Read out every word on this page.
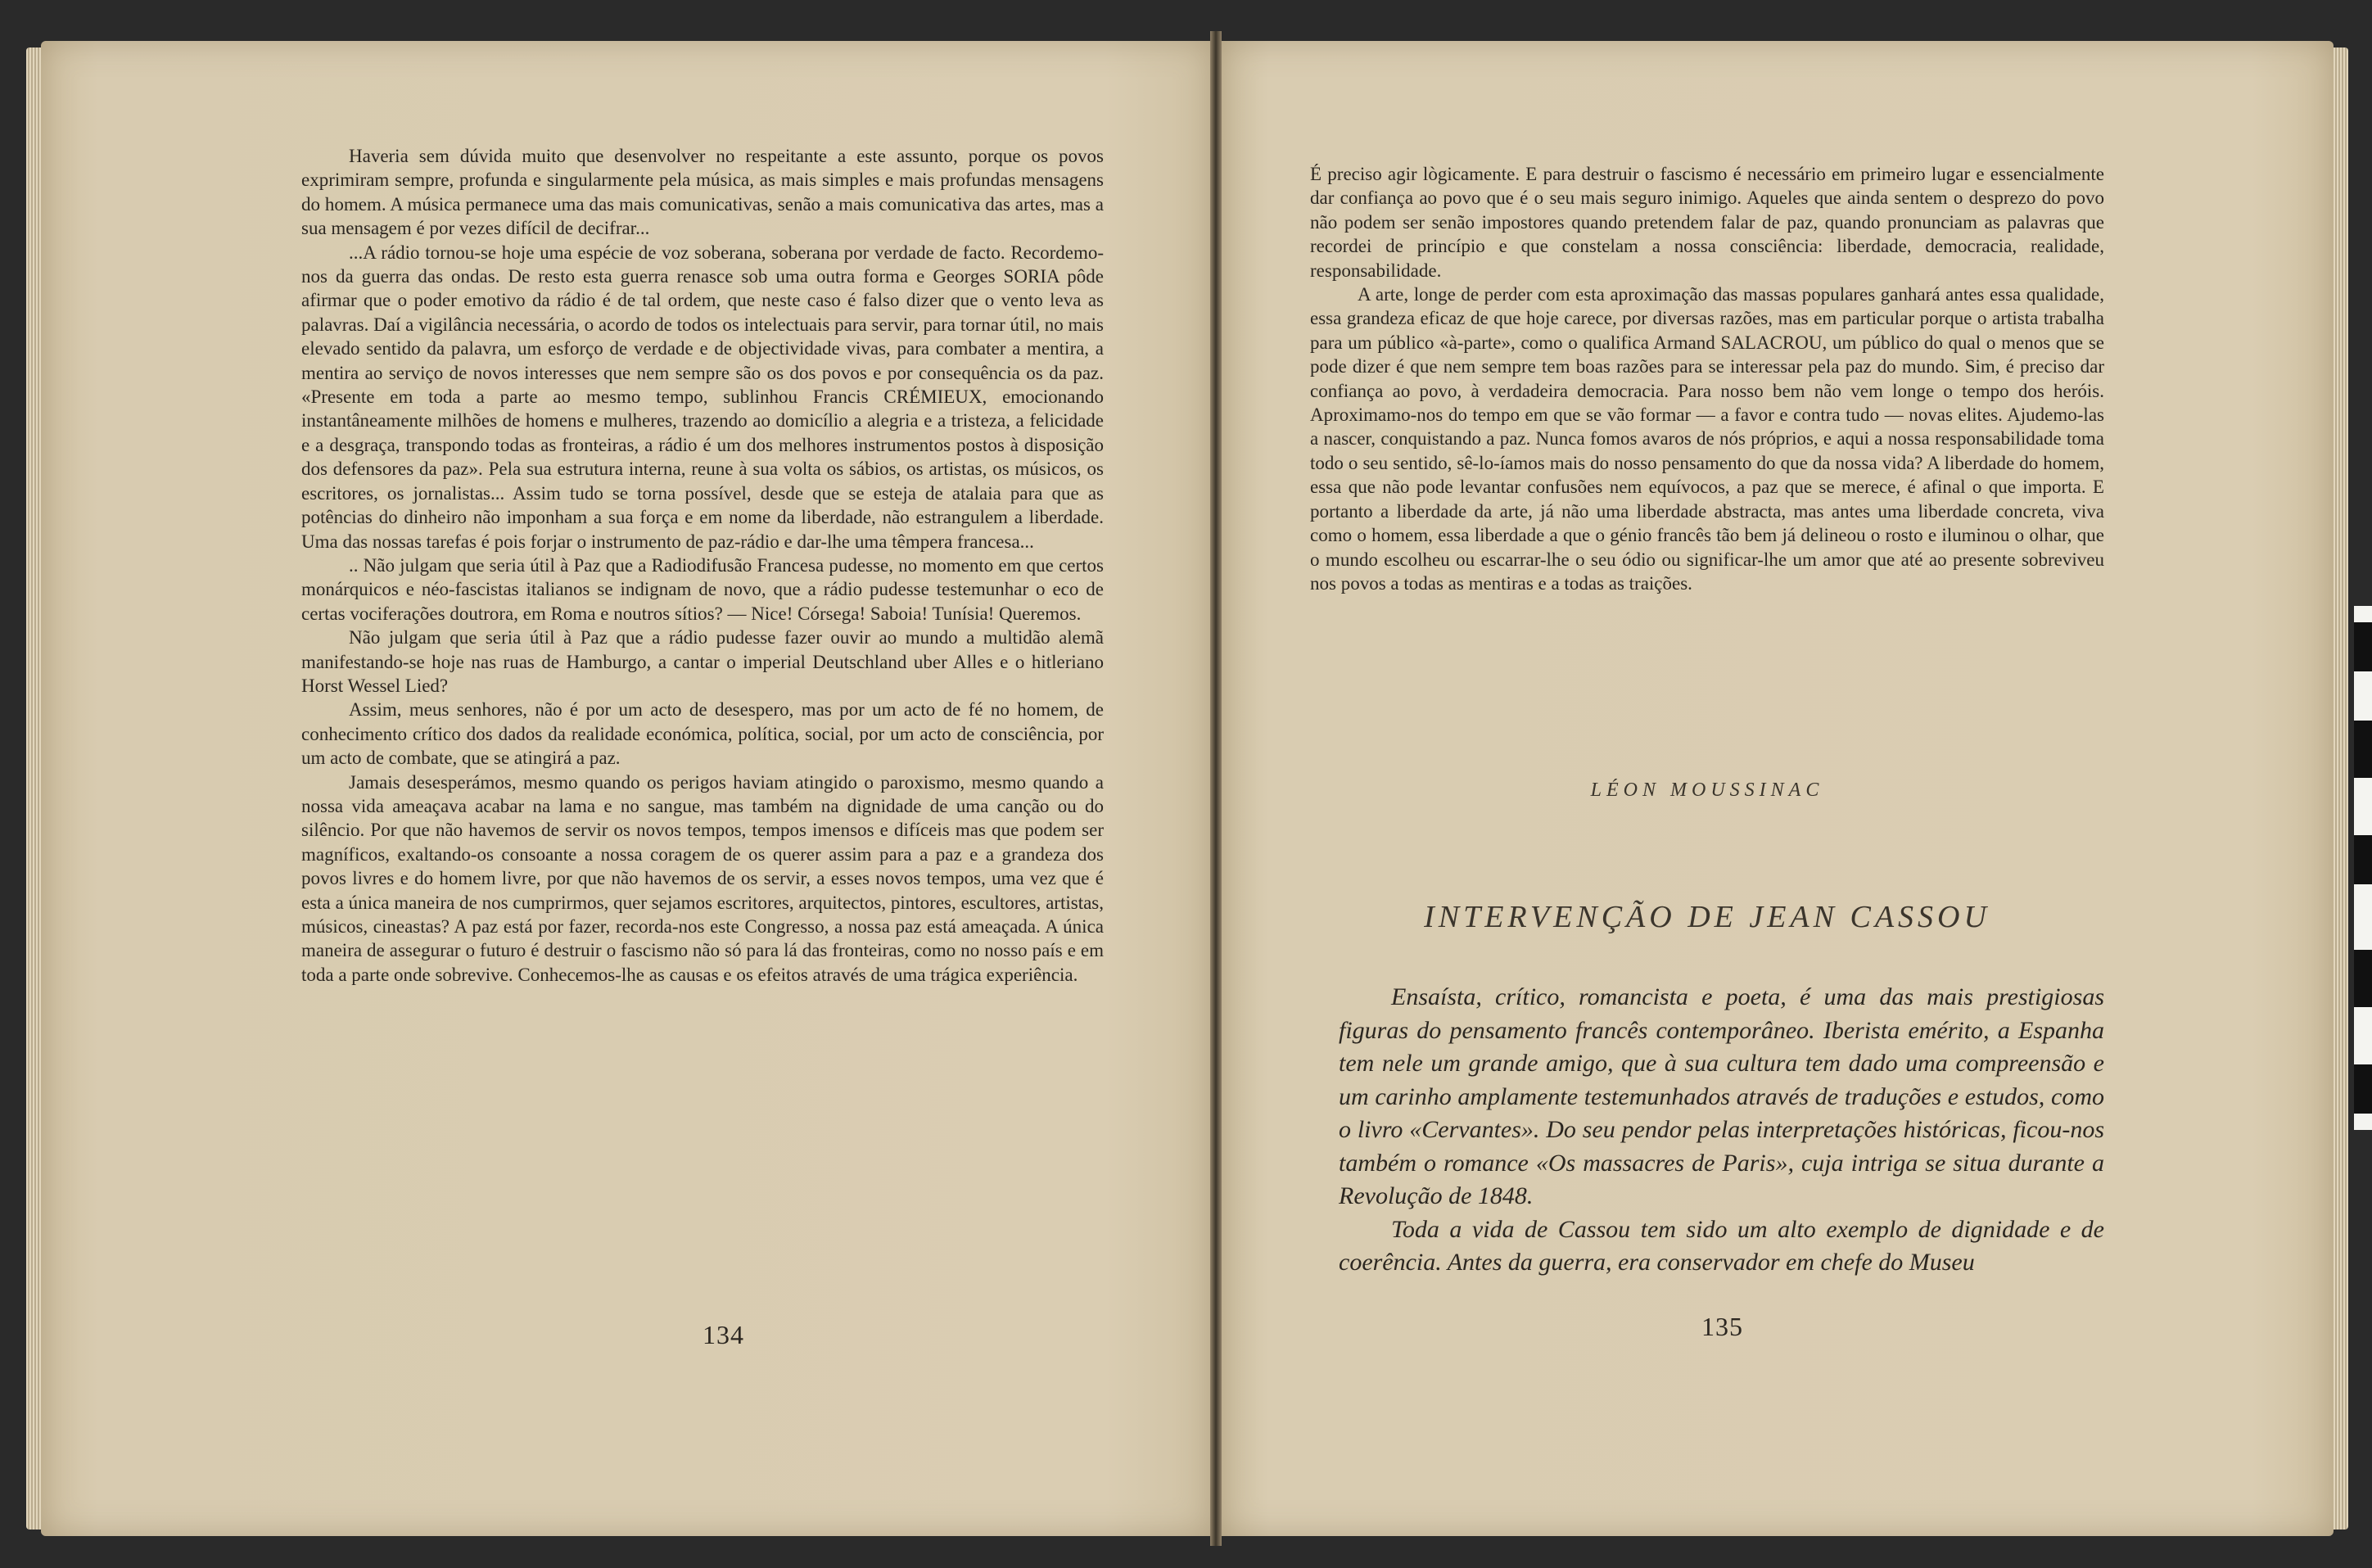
Haveria sem dúvida muito que desenvolver no respeitante a este assunto, porque os povos exprimiram sempre, profunda e singularmente pela música, as mais simples e mais profundas mensagens do homem. A música permanece uma das mais comunicativas, senão a mais comunicativa das artes, mas a sua mensagem é por vezes difícil de decifrar...

...A rádio tornou-se hoje uma espécie de voz soberana, soberana por verdade de facto. Recordemo-nos da guerra das ondas. De resto esta guerra renasce sob uma outra forma e Georges SORIA pôde afirmar que o poder emotivo da rádio é de tal ordem, que neste caso é falso dizer que o vento leva as palavras. Daí a vigilância necessária, o acordo de todos os intelectuais para servir, para tornar útil, no mais elevado sentido da palavra, um esforço de verdade e de objectividade vivas, para combater a mentira, a mentira ao serviço de novos interesses que nem sempre são os dos povos e por consequência os da paz. «Presente em toda a parte ao mesmo tempo, sublinhou Francis CRÉMIEUX, emocionando instantâneamente milhões de homens e mulheres, trazendo ao domicílio a alegria e a tristeza, a felicidade e a desgraça, transpondo todas as fronteiras, a rádio é um dos melhores instrumentos postos à disposição dos defensores da paz». Pela sua estrutura interna, reune à sua volta os sábios, os artistas, os músicos, os escritores, os jornalistas... Assim tudo se torna possível, desde que se esteja de atalaia para que as potências do dinheiro não imponham a sua força e em nome da liberdade, não estrangulem a liberdade. Uma das nossas tarefas é pois forjar o instrumento de paz-rádio e dar-lhe uma têmpera francesa...

.. Não julgam que seria útil à Paz que a Radiodifusão Francesa pudesse, no momento em que certos monárquicos e néo-fascistas italianos se indignam de novo, que a rádio pudesse testemunhar o eco de certas vociferações doutrora, em Roma e noutros sítios? — Nice! Córsega! Saboia! Tunísia! Queremos.

Não julgam que seria útil à Paz que a rádio pudesse fazer ouvir ao mundo a multidão alemã manifestando-se hoje nas ruas de Hamburgo, a cantar o imperial Deutschland uber Alles e o hitleriano Horst Wessel Lied?

Assim, meus senhores, não é por um acto de desespero, mas por um acto de fé no homem, de conhecimento crítico dos dados da realidade económica, política, social, por um acto de consciência, por um acto de combate, que se atingirá a paz.

Jamais desesperámos, mesmo quando os perigos haviam atingido o paroxismo, mesmo quando a nossa vida ameaçava acabar na lama e no sangue, mas também na dignidade de uma canção ou do silêncio. Por que não havemos de servir os novos tempos, tempos imensos e difíceis mas que podem ser magníficos, exaltando-os consoante a nossa coragem de os querer assim para a paz e a grandeza dos povos livres e do homem livre, por que não havemos de os servir, a esses novos tempos, uma vez que é esta a única maneira de nos cumprirmos, quer sejamos escritores, arquitectos, pintores, escultores, artistas, músicos, cineastas? A paz está por fazer, recorda-nos este Congresso, a nossa paz está ameaçada. A única maneira de assegurar o futuro é destruir o fascismo não só para lá das fronteiras, como no nosso país e em toda a parte onde sobrevive. Conhecemos-lhe as causas e os efeitos através de uma trágica experiência.

134

É preciso agir lògicamente. E para destruir o fascismo é necessário em primeiro lugar e essencialmente dar confiança ao povo que é o seu mais seguro inimigo. Aqueles que ainda sentem o desprezo do povo não podem ser senão impostores quando pretendem falar de paz, quando pronunciam as palavras que recordei de princípio e que constelam a nossa consciência: liberdade, democracia, realidade, responsabilidade.

A arte, longe de perder com esta aproximação das massas populares ganhará antes essa qualidade, essa grandeza eficaz de que hoje carece, por diversas razões, mas em particular porque o artista trabalha para um público «à-parte», como o qualifica Armand SALACROU, um público do qual o menos que se pode dizer é que nem sempre tem boas razões para se interessar pela paz do mundo. Sim, é preciso dar confiança ao povo, à verdadeira democracia. Para nosso bem não vem longe o tempo dos heróis. Aproximamo-nos do tempo em que se vão formar — a favor e contra tudo — novas elites. Ajudemo-las a nascer, conquistando a paz. Nunca fomos avaros de nós próprios, e aqui a nossa responsabilidade toma todo o seu sentido, sê-lo-íamos mais do nosso pensamento do que da nossa vida? A liberdade do homem, essa que não pode levantar confusões nem equívocos, a paz que se merece, é afinal o que importa. E portanto a liberdade da arte, já não uma liberdade abstracta, mas antes uma liberdade concreta, viva como o homem, essa liberdade a que o génio francês tão bem já delineou o rosto e iluminou o olhar, que o mundo escolheu ou escarrar-lhe o seu ódio ou significar-lhe um amor que até ao presente sobreviveu nos povos a todas as mentiras e a todas as traições.

LÉON MOUSSINAC
INTERVENÇÃO DE JEAN CASSOU

Ensaísta, crítico, romancista e poeta, é uma das mais prestigiosas figuras do pensamento francês contemporâneo. Iberista emérito, a Espanha tem nele um grande amigo, que à sua cultura tem dado uma compreensão e um carinho amplamente testemunhados através de traduções e estudos, como o livro «Cervantes». Do seu pendor pelas interpretações históricas, ficou-nos também o romance «Os massacres de Paris», cuja intriga se situa durante a Revolução de 1848.

Toda a vida de Cassou tem sido um alto exemplo de dignidade e de coerência. Antes da guerra, era conservador em chefe do Museu

135
